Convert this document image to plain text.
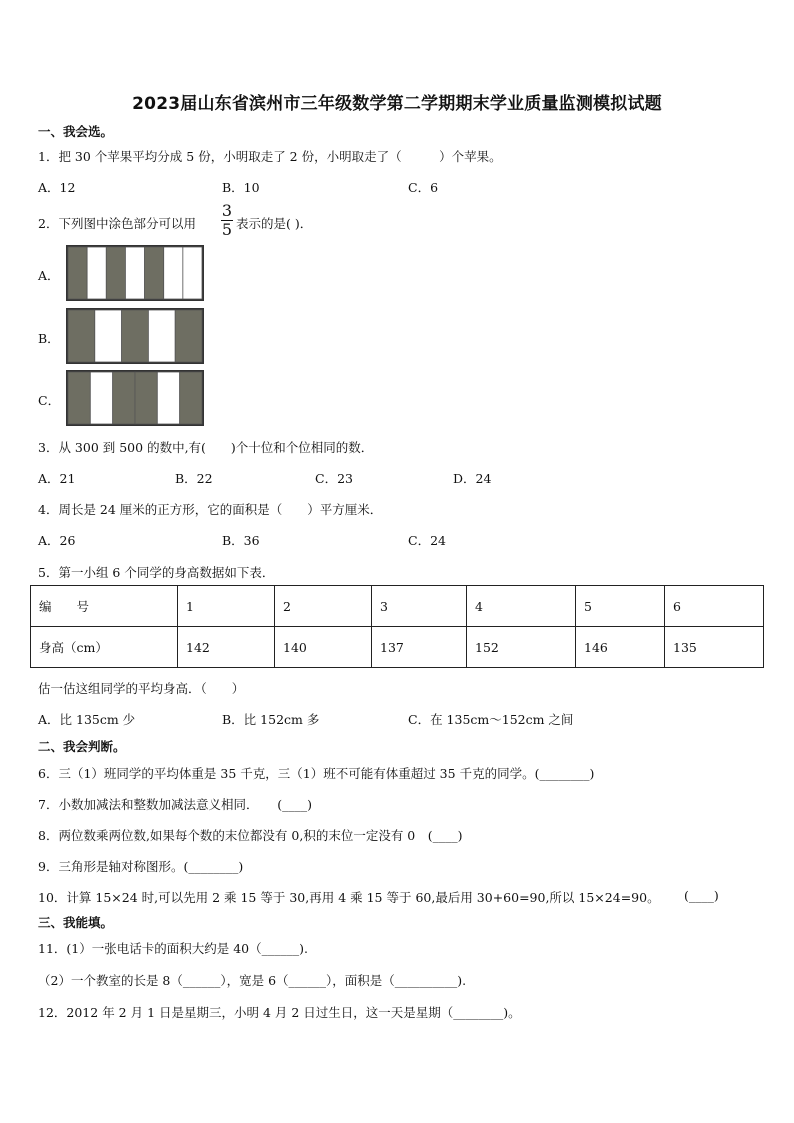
2023届山东省滨州市三年级数学第二学期期末学业质量监测模拟试题
一、我会选。
1．把 30 个苹果平均分成 5 份，小明取走了 2 份，小明取走了（　　　）个苹果。
A．12	B．10	C．6
2．下列图中涂色部分可以用
3
5 表示的是( )．
A．
B．
C．
3．从 300 到 500 的数中,有(　　)个十位和个位相同的数．
A．21	B．22	C．23	D．24
4．周长是 24 厘米的正方形，它的面积是（　　）平方厘米．
A．26	B．36	C．24
5．第一小组 6 个同学的身高数据如下表．
编　　号	1	2	3	4	5	6
身高（cm）	142	140	137	152	146	135
估一估这组同学的平均身高．（　　）
A．比 135cm 少	B．比 152cm 多	C．在 135cm～152cm 之间
二、我会判断。
6．三（1）班同学的平均体重是 35 千克，三（1）班不可能有体重超过 35 千克的同学。(________)
7．小数加减法和整数加减法意义相同．　　(____)
8．两位数乘两位数,如果每个数的末位都没有 0,积的末位一定没有 0　(____)
9．三角形是轴对称图形。(________)
10．计算 15×24 时,可以先用 2 乘 15 等于 30,再用 4 乘 15 等于 60,最后用 30+60=90,所以 15×24=90。 (____)
三、我能填。
11．(1）一张电话卡的面积大约是 40（______).
（2）一个教室的长是 8（______），宽是 6（______），面积是（__________).
12．2012 年 2 月 1 日是星期三，小明 4 月 2 日过生日，这一天是星期（________)。
